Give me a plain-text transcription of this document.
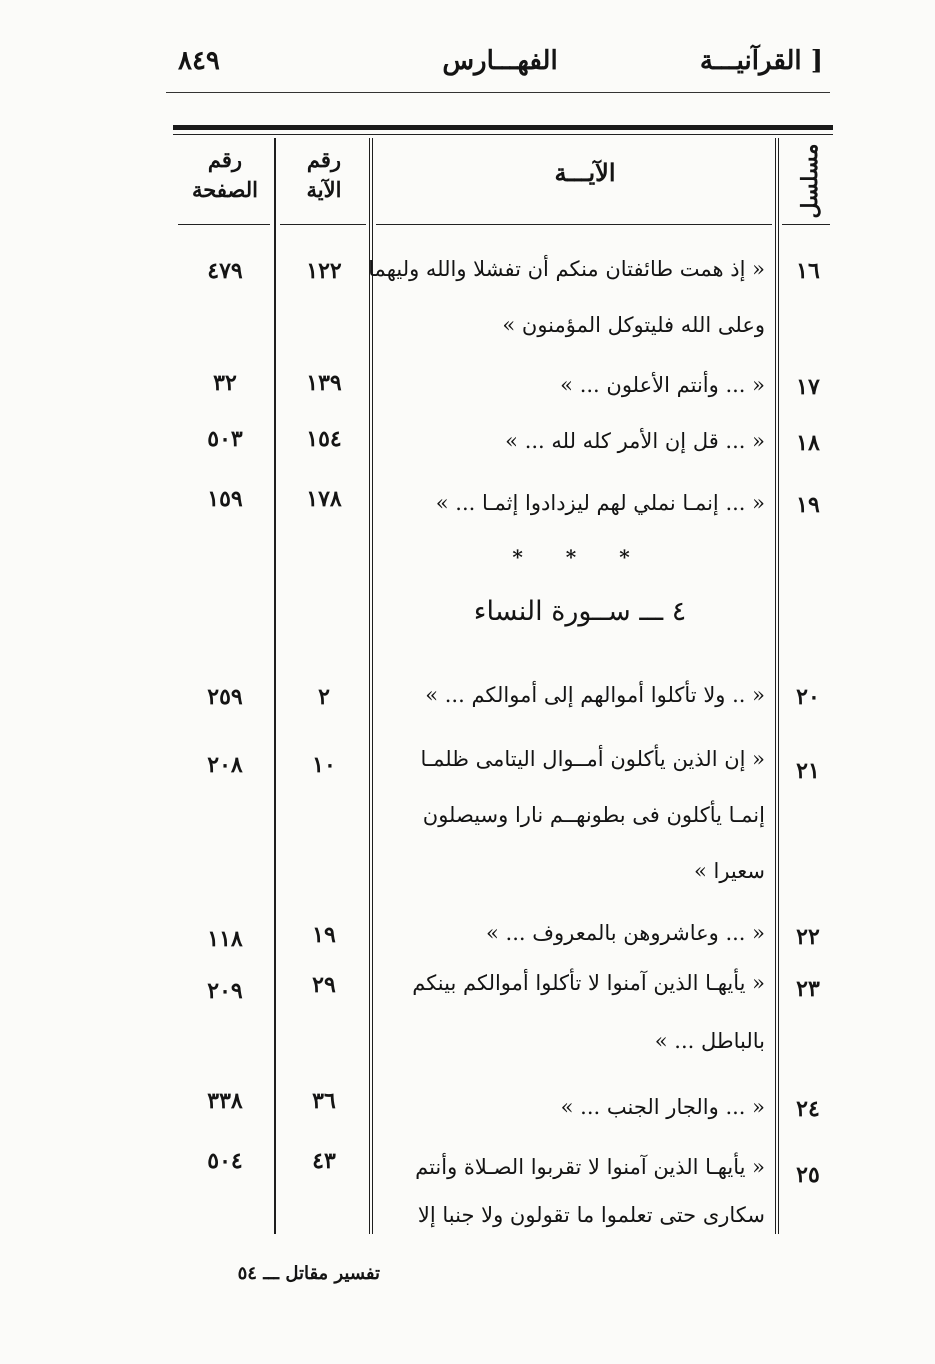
القرآنيـــة ]
الفهـــارس
٨٤٩
مسلسل
الآيـــة
رقم الآية
رقم الصفحة
١٦
« إذ همت طائفتان منكم أن تفشلا والله وليهما
وعلى الله فليتوكل المؤمنون »
١٢٢
٤٧٩
١٧
« ... وأنتم الأعلون ... »
١٣٩
٣٢
١٨
« ... قل إن الأمر كله لله ... »
١٥٤
٥٠٣
١٩
« ... إنمـا نملي لهم ليزدادوا إثمـا ... »
١٧٨
١٥٩
* * *
٤ ـــ ســورة النساء
٢٠
« .. ولا تأكلوا أموالهم إلى أموالكم ... »
٢
٢٥٩
٢١
« إن الذين يأكلون أمــوال اليتامى ظلمـا
إنمـا يأكلون فى بطونهــم نارا وسيصلون
سعيرا »
١٠
٢٠٨
٢٢
« ... وعاشروهن بالمعروف ... »
١٩
١١٨
٢٣
« يأيهـا الذين آمنوا لا تأكلوا أموالكم بينكم
بالباطل ... »
٢٩
٢٠٩
٢٤
« ... والجار الجنب ... »
٣٦
٣٣٨
٢٥
« يأيهـا الذين آمنوا لا تقربوا الصـلاة وأنتم
سكارى حتى تعلموا ما تقولون ولا جنبا إلا
٤٣
٥٠٤
تفسير مقاتل ـــ ٥٤
